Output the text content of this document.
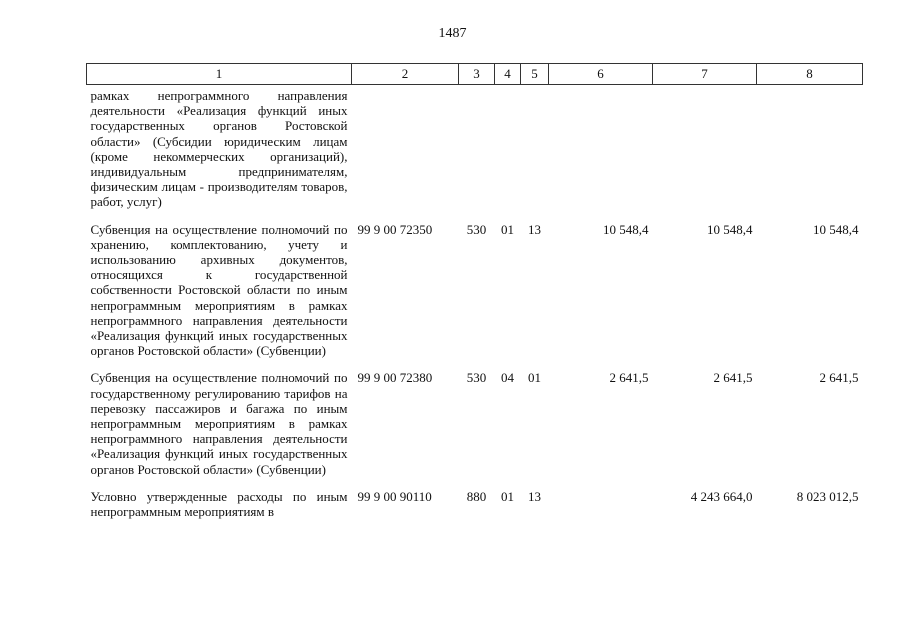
1487
1	2	3	4	5	6	7	8
рамках непрограммного направления деятельности «Реализация функций иных государственных органов Ростовской области» (Субсидии юридическим лицам (кроме некоммерческих организаций), индивидуальным предпринимателям, физическим лицам - производителям товаров, работ, услуг)							

Субвенция на осуществление полномочий по хранению, комплектованию, учету и использованию архивных документов, относящихся к государственной собственности Ростовской области по иным непрограммным мероприятиям в рамках непрограммного направления деятельности «Реализация функций иных государственных органов Ростовской области» (Субвенции)	99 9 00 72350	530	01	13	10 548,4	10 548,4	10 548,4

Субвенция на осуществление полномочий по государственному регулированию тарифов на перевозку пассажиров и багажа по иным непрограммным мероприятиям в рамках непрограммного направления деятельности «Реализация функций иных государственных органов Ростовской области» (Субвенции)	99 9 00 72380	530	04	01	2 641,5	2 641,5	2 641,5

Условно утвержденные расходы по иным непрограммным мероприятиям в	99 9 00 90110	880	01	13		4 243 664,0	8 023 012,5
